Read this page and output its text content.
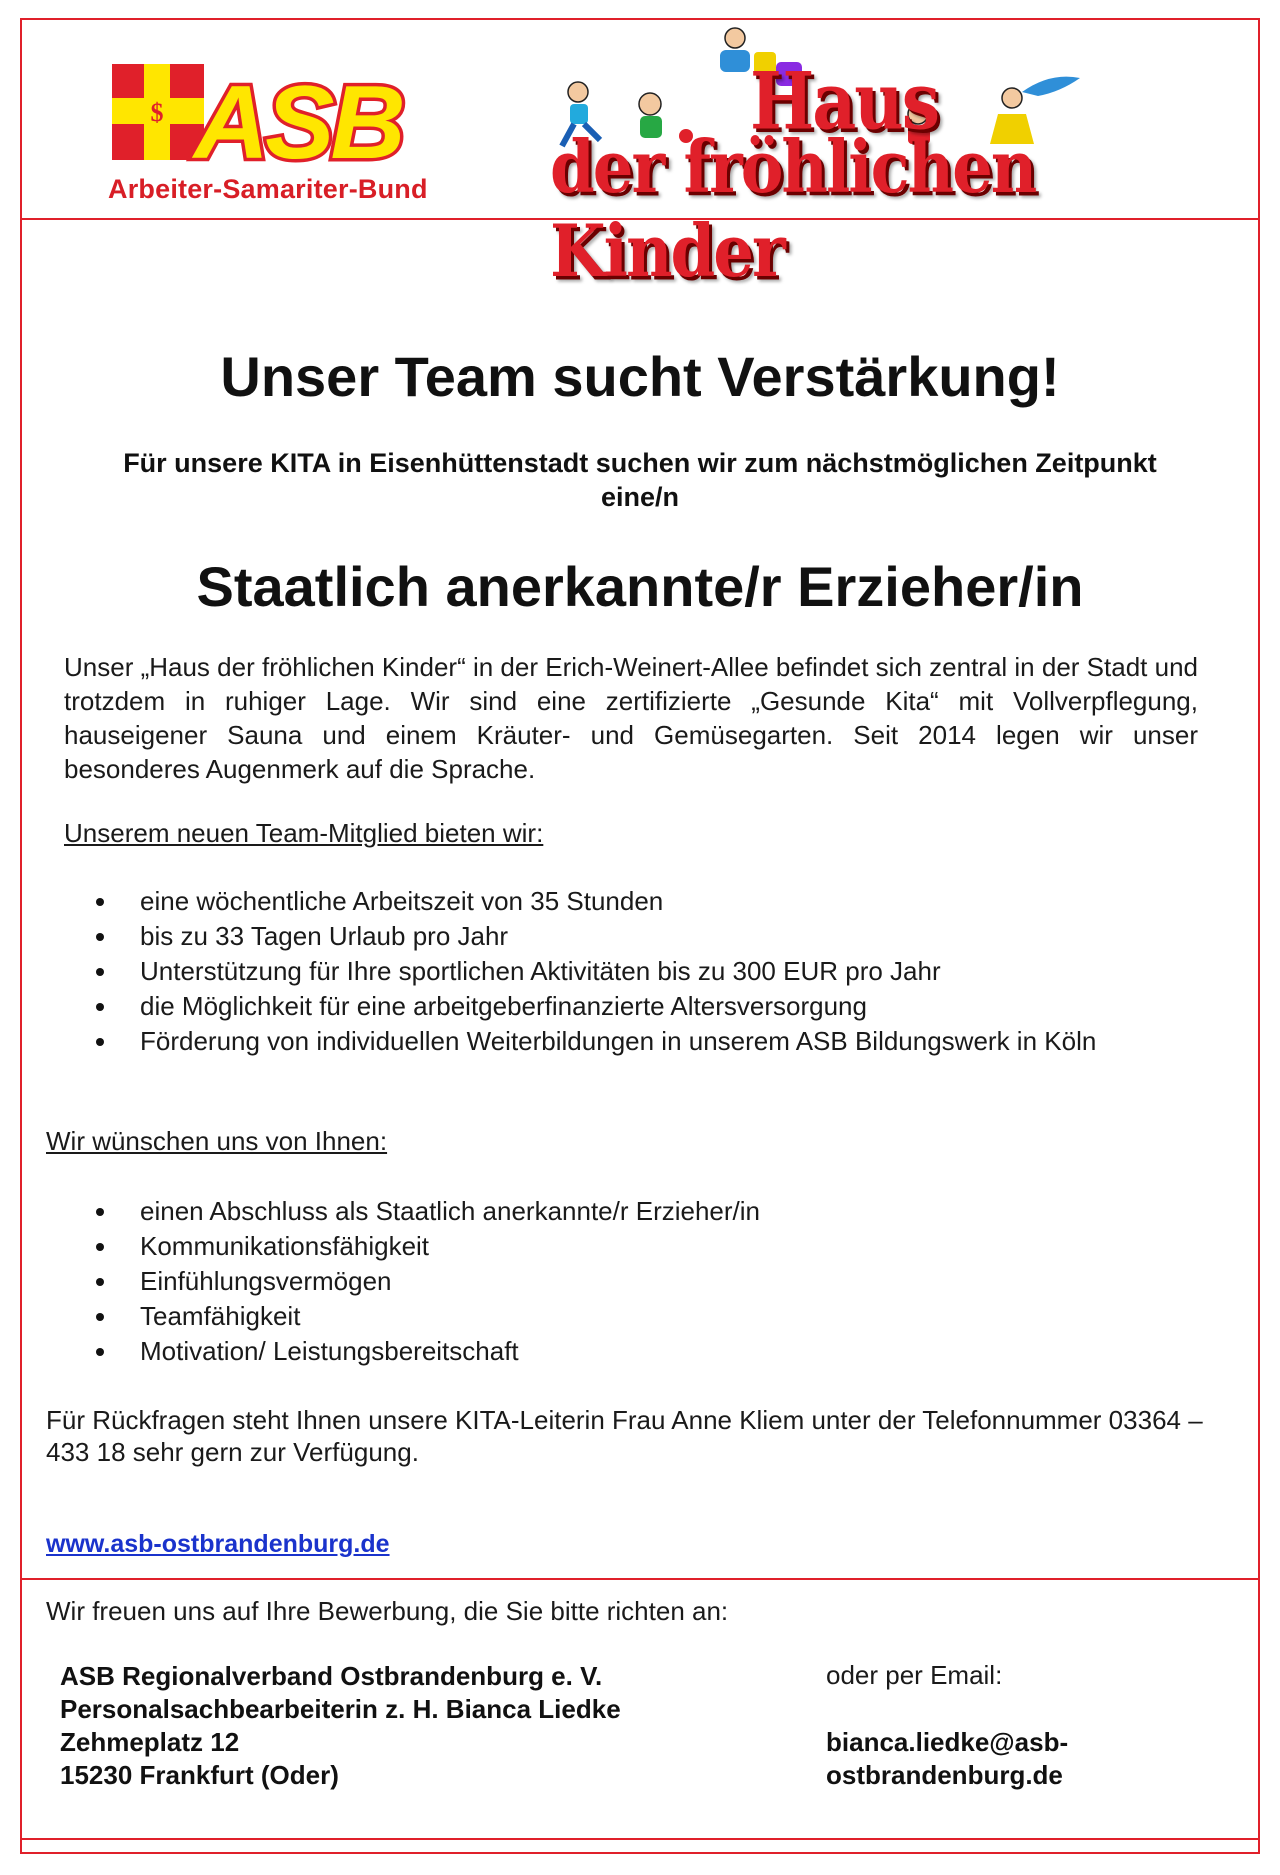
$ ASB
Arbeiter-Samariter-Bund
Haus
der fröhlichen Kinder
Unser Team sucht Verstärkung!
Für unsere KITA in Eisenhüttenstadt suchen wir zum nächstmöglichen Zeitpunkt eine/n
Staatlich anerkannte/r Erzieher/in
Unser „Haus der fröhlichen Kinder“ in der Erich-Weinert-Allee befindet sich zentral in der Stadt und trotzdem in ruhiger Lage. Wir sind eine zertifizierte „Gesunde Kita“ mit Vollverpflegung, hauseigener Sauna und einem Kräuter- und Gemüsegarten. Seit 2014 legen wir unser besonderes Augenmerk auf die Sprache.
Unserem neuen Team-Mitglied bieten wir:
eine wöchentliche Arbeitszeit von 35 Stunden
bis zu 33 Tagen Urlaub pro Jahr
Unterstützung für Ihre sportlichen Aktivitäten bis zu 300 EUR pro Jahr
die Möglichkeit für eine arbeitgeberfinanzierte Altersversorgung
Förderung von individuellen Weiterbildungen in unserem ASB Bildungswerk in Köln
Wir wünschen uns von Ihnen:
einen Abschluss als Staatlich anerkannte/r Erzieher/in
Kommunikationsfähigkeit
Einfühlungsvermögen
Teamfähigkeit
Motivation/ Leistungsbereitschaft
Für Rückfragen steht Ihnen unsere KITA-Leiterin Frau Anne Kliem unter der Telefonnummer 03364 – 433 18 sehr gern zur Verfügung.
www.asb-ostbrandenburg.de
Wir freuen uns auf Ihre Bewerbung, die Sie bitte richten an:
ASB Regionalverband Ostbrandenburg e. V.
Personalsachbearbeiterin z. H. Bianca Liedke
Zehmeplatz 12
15230 Frankfurt (Oder)
oder per Email:
bianca.liedke@asb-
ostbrandenburg.de
